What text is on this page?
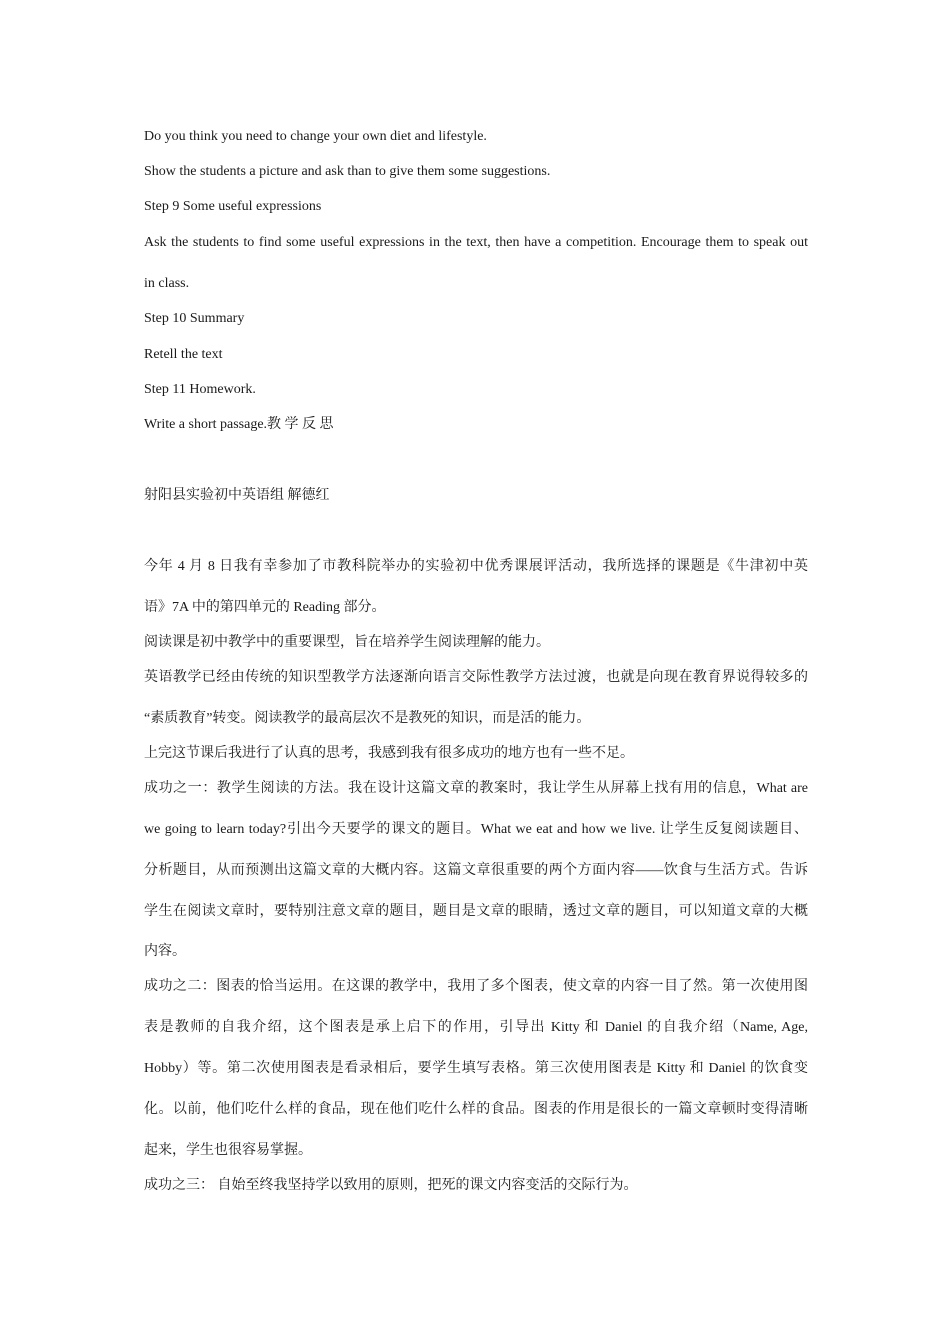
Do you think you need to change your own diet and lifestyle.
Show the students a picture and ask than to give them some suggestions.
Step 9 Some useful expressions
Ask the students to find some useful expressions in the text, then have a competition. Encourage them to speak out
in class.
Step 10 Summary
Retell the text
Step 11 Homework.
Write a short passage.教 学 反 思
射阳县实验初中英语组 解德红
今年 4 月 8 日我有幸参加了市教科院举办的实验初中优秀课展评活动，我所选择的课题是《牛津初中英
语》7A 中的第四单元的 Reading 部分。
阅读课是初中教学中的重要课型，旨在培养学生阅读理解的能力。
英语教学已经由传统的知识型教学方法逐渐向语言交际性教学方法过渡，也就是向现在教育界说得较多的
“素质教育”转变。阅读教学的最高层次不是教死的知识，而是活的能力。
上完这节课后我进行了认真的思考，我感到我有很多成功的地方也有一些不足。
成功之一：教学生阅读的方法。我在设计这篇文章的教案时，我让学生从屏幕上找有用的信息，What are
we going to learn today?引出今天要学的课文的题目。What we eat and how we live. 让学生反复阅读题目、
分析题目，从而预测出这篇文章的大概内容。这篇文章很重要的两个方面内容——饮食与生活方式。告诉
学生在阅读文章时，要特别注意文章的题目，题目是文章的眼睛，透过文章的题目，可以知道文章的大概
内容。
成功之二：图表的恰当运用。在这课的教学中，我用了多个图表，使文章的内容一目了然。第一次使用图
表是教师的自我介绍，这个图表是承上启下的作用，引导出 Kitty 和 Daniel 的自我介绍（Name, Age,
Hobby）等。第二次使用图表是看录相后，要学生填写表格。第三次使用图表是 Kitty 和 Daniel 的饮食变
化。以前，他们吃什么样的食品，现在他们吃什么样的食品。图表的作用是很长的一篇文章顿时变得清晰
起来，学生也很容易掌握。
成功之三： 自始至终我坚持学以致用的原则，把死的课文内容变活的交际行为。
